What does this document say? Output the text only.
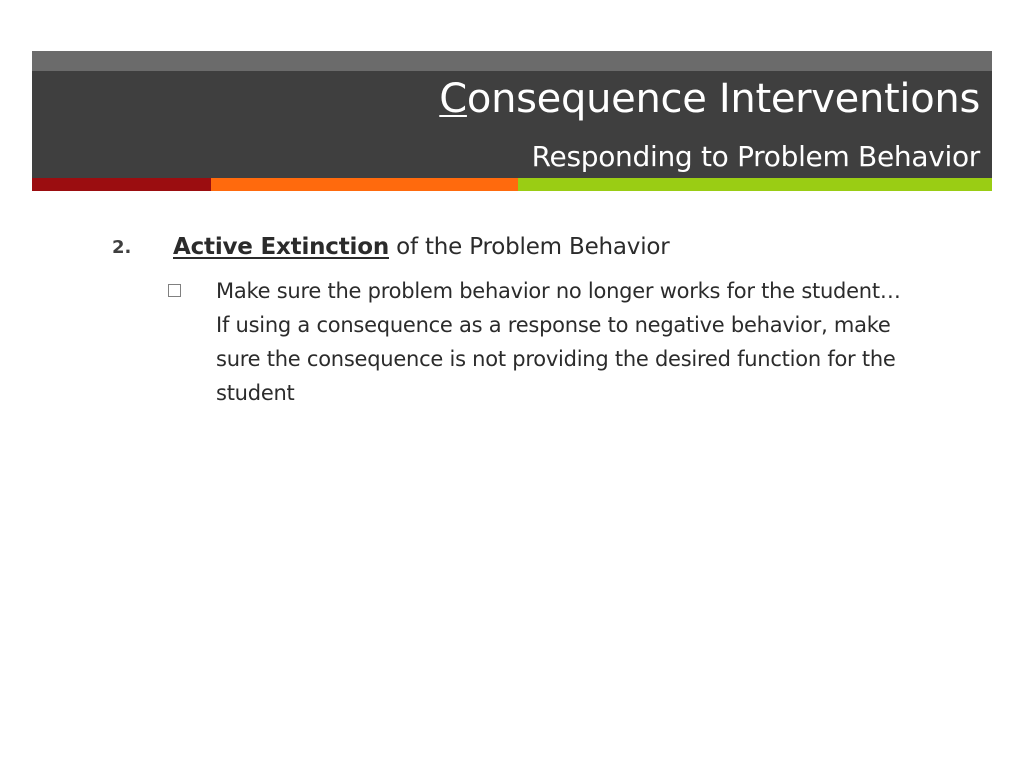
Consequence Interventions
Responding to Problem Behavior
2. Active Extinction of the Problem Behavior
Make sure the problem behavior no longer works for the student… If using a consequence as a response to negative behavior, make sure the consequence is not providing the desired function for the student
